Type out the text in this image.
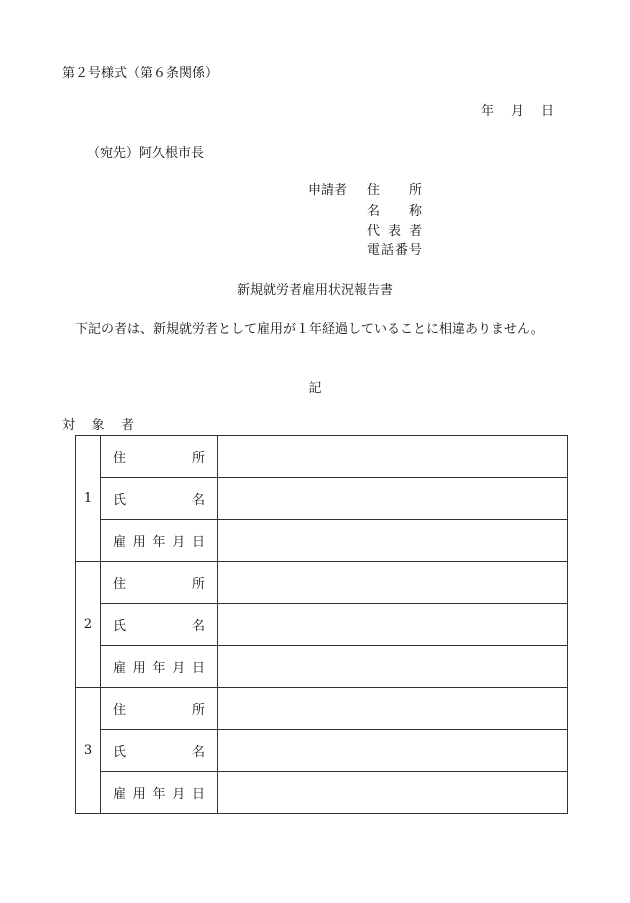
第２号様式（第６条関係）
年 月 日
（宛先）阿久根市長
申請者 住所
名称
代表者
電話番号
新規就労者雇用状況報告書
下記の者は、新規就労者として雇用が１年経過していることに相違ありません。
記
対象者
1	住所	

	氏名	

	雇用年月日	

2	住所	

	氏名	

	雇用年月日	

3	住所	

	氏名	

	雇用年月日	
